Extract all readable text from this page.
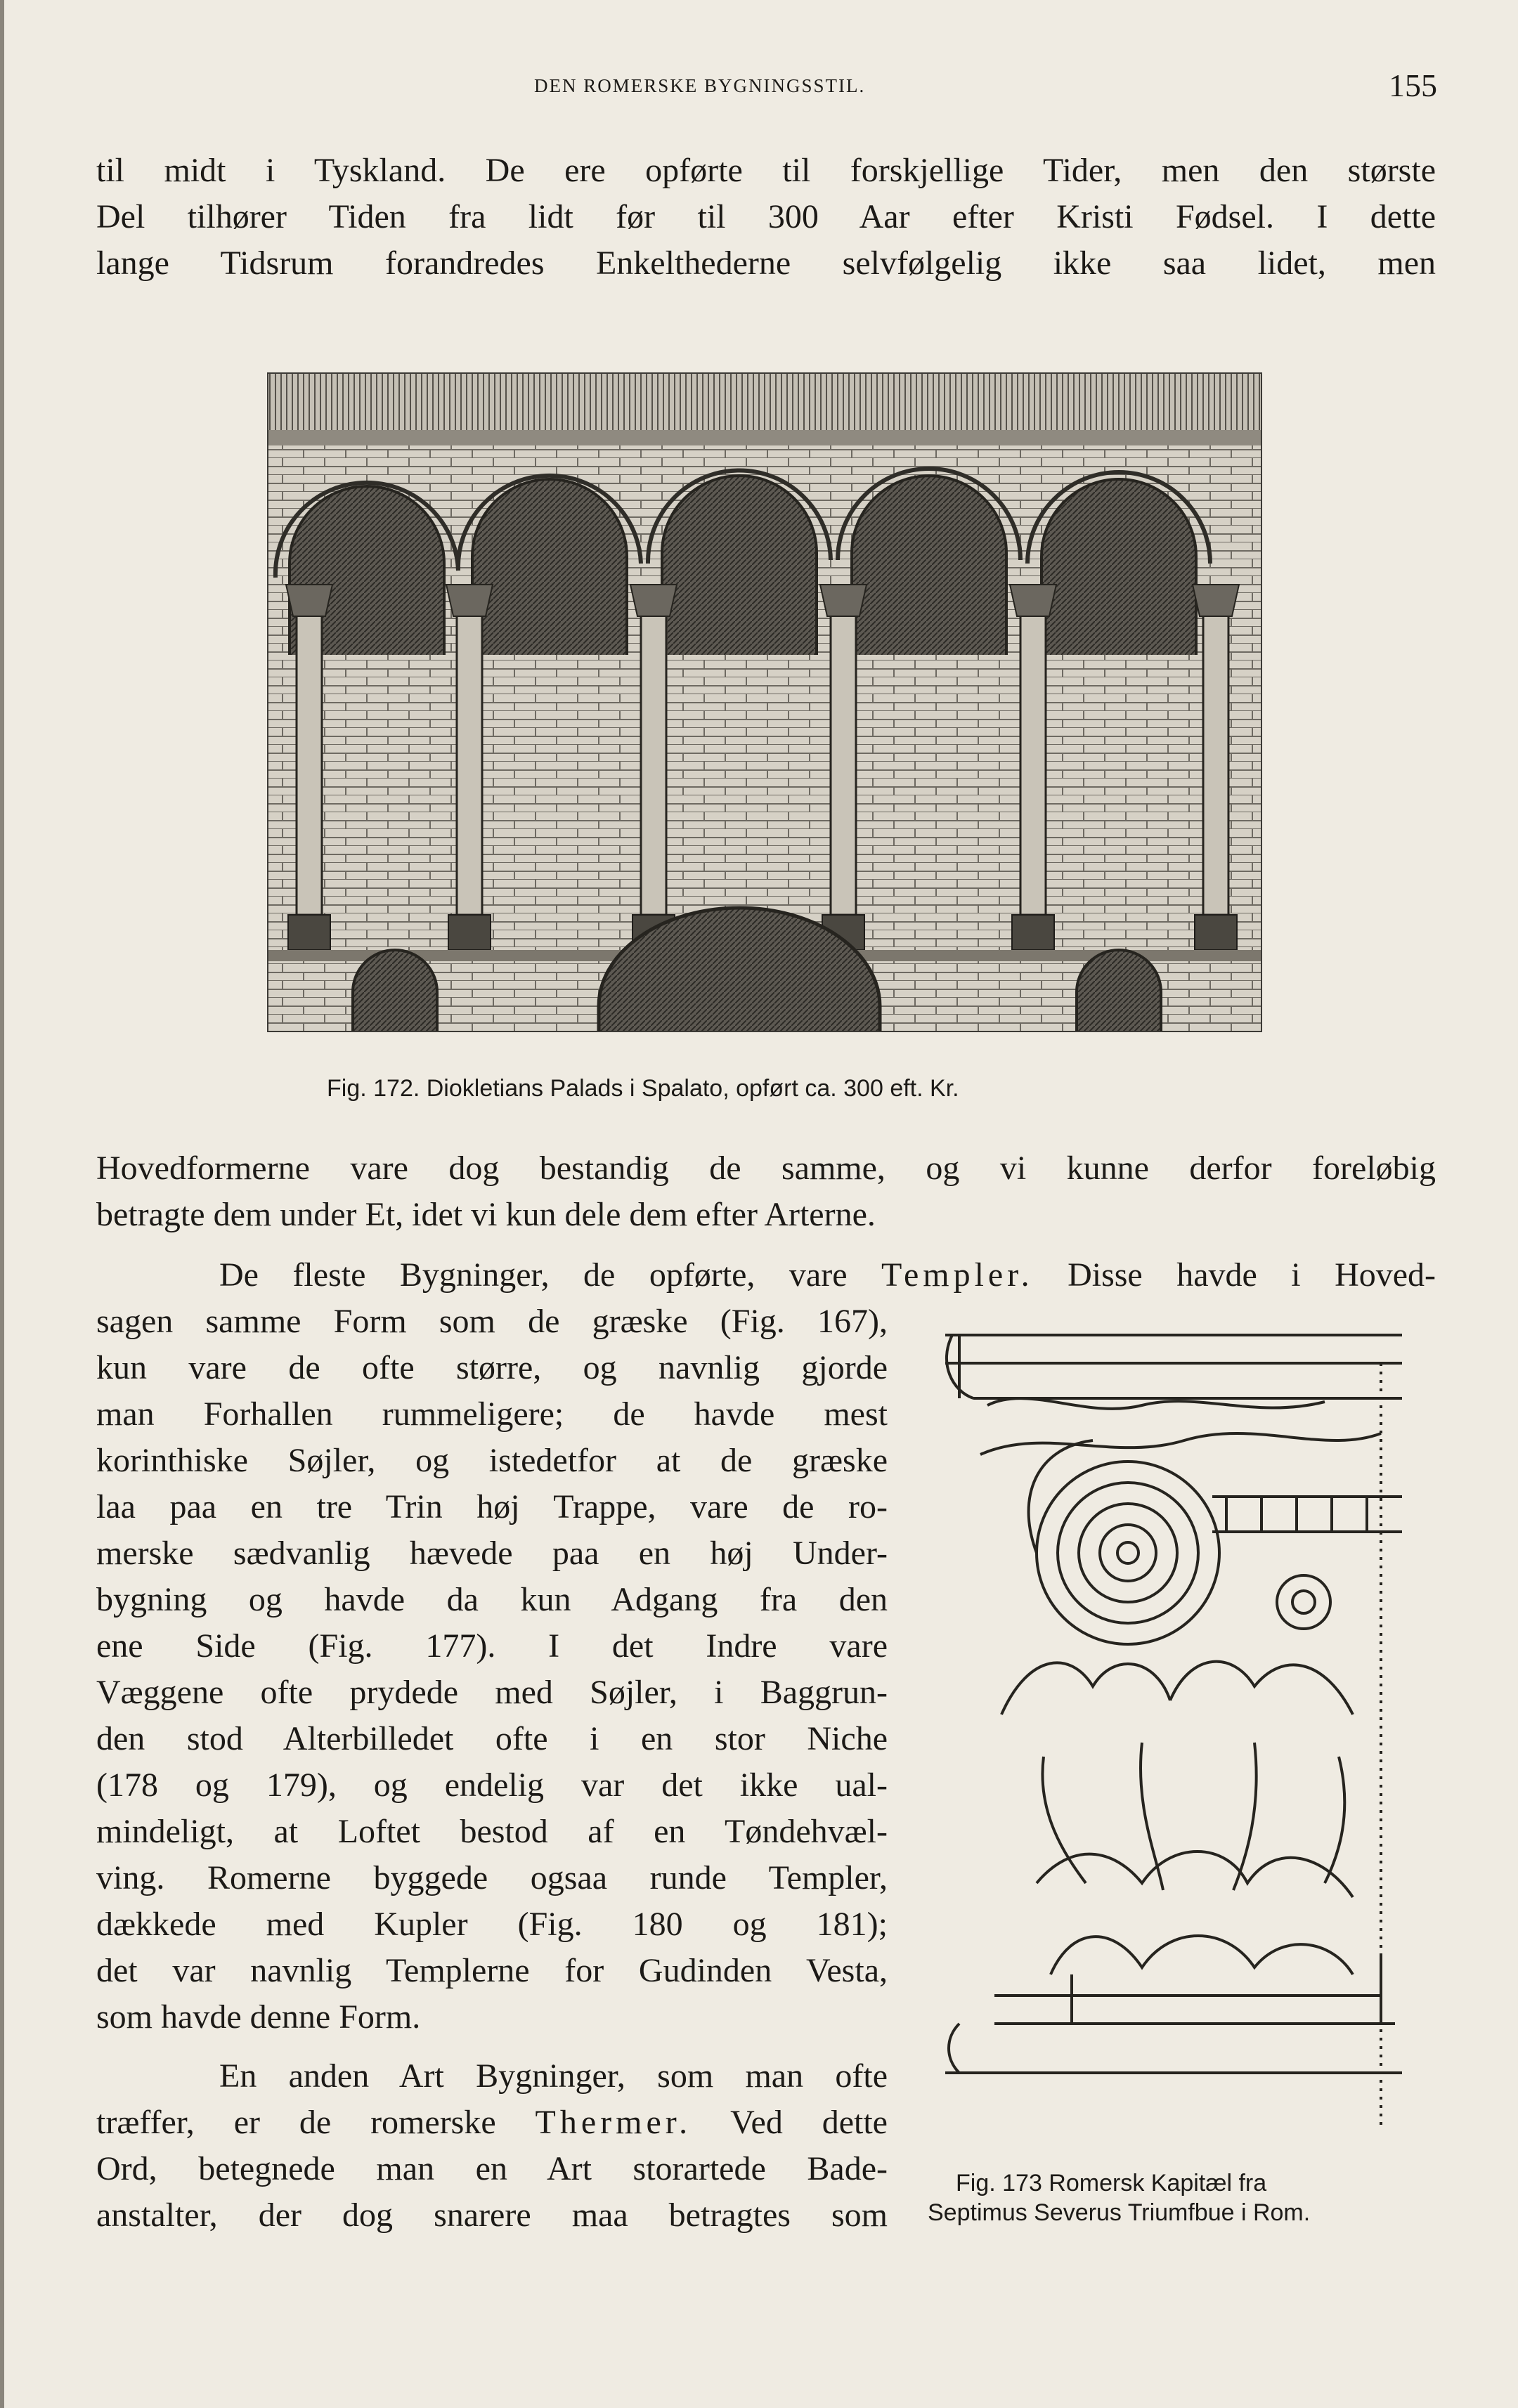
DEN ROMERSKE BYGNINGSSTIL.	155
til midt i Tyskland. De ere opførte til forskjellige Tider, men den største
Del tilhører Tiden fra lidt før til 300 Aar efter Kristi Fødsel. I dette
lange Tidsrum forandredes Enkelthederne selvfølgelig ikke saa lidet, men
Fig. 172. Diokletians Palads i Spalato, opført ca. 300 eft. Kr.
Hovedformerne vare dog bestandig de samme, og vi kunne derfor foreløbig
betragte dem under Et, idet vi kun dele dem efter Arterne.
De fleste Bygninger, de opførte, vare Templer. Disse havde i Hoved-
sagen samme Form som de græske (Fig. 167),
kun vare de ofte større, og navnlig gjorde
man Forhallen rummeligere; de havde mest
korinthiske Søjler, og istedetfor at de græske
laa paa en tre Trin høj Trappe, vare de ro-
merske sædvanlig hævede paa en høj Under-
bygning og havde da kun Adgang fra den
ene Side (Fig. 177). I det Indre vare
Væggene ofte prydede med Søjler, i Baggrun-
den stod Alterbilledet ofte i en stor Niche
(178 og 179), og endelig var det ikke ual-
mindeligt, at Loftet bestod af en Tøndehvæl-
ving. Romerne byggede ogsaa runde Templer,
dækkede med Kupler (Fig. 180 og 181);
det var navnlig Templerne for Gudinden Vesta,
som havde denne Form.
En anden Art Bygninger, som man ofte
træffer, er de romerske Thermer. Ved dette
Ord, betegnede man en Art storartede Bade-
anstalter, der dog snarere maa betragtes som
Fig. 173 Romersk Kapitæl fra
Septimus Severus Triumfbue i Rom.
